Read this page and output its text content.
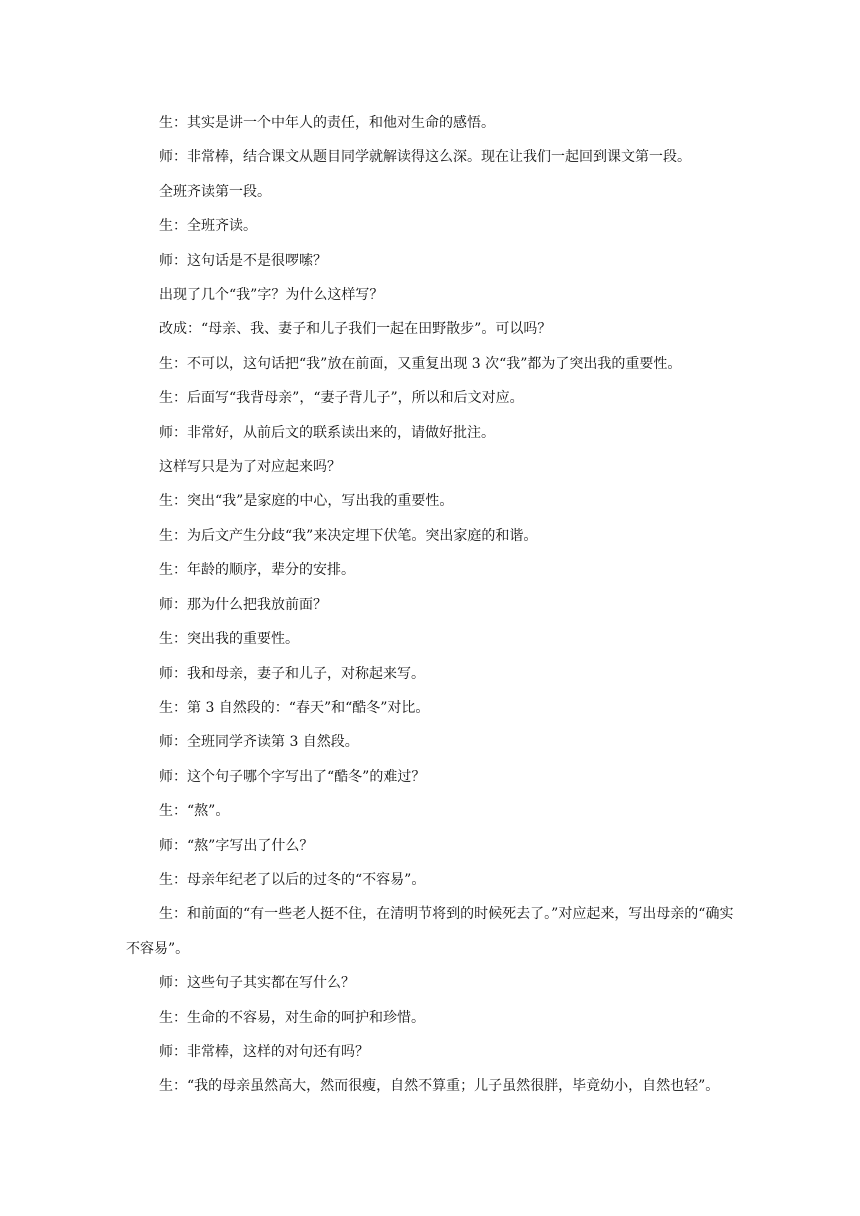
生：其实是讲一个中年人的责任，和他对生命的感悟。

师：非常棒，结合课文从题目同学就解读得这么深。现在让我们一起回到课文第一段。

全班齐读第一段。

生：全班齐读。

师：这句话是不是很啰嗦？

出现了几个“我”字？为什么这样写？

改成：“母亲、我、妻子和儿子我们一起在田野散步”。可以吗？

生：不可以，这句话把“我”放在前面，又重复出现 3 次“我”都为了突出我的重要性。

生：后面写“我背母亲”，“妻子背儿子”，所以和后文对应。

师：非常好，从前后文的联系读出来的，请做好批注。

这样写只是为了对应起来吗？

生：突出“我”是家庭的中心，写出我的重要性。

生：为后文产生分歧“我”来决定埋下伏笔。突出家庭的和谐。

生：年龄的顺序，辈分的安排。

师：那为什么把我放前面？

生：突出我的重要性。

师：我和母亲，妻子和儿子，对称起来写。

生：第 3 自然段的：“春天”和“酷冬”对比。

师：全班同学齐读第 3 自然段。

师：这个句子哪个字写出了“酷冬”的难过？

生：“熬”。

师：“熬”字写出了什么？

生：母亲年纪老了以后的过冬的“不容易”。

生：和前面的“有一些老人挺不住，在清明节将到的时候死去了。”对应起来，写出母亲的“确实不容易”。

师：这些句子其实都在写什么？

生：生命的不容易，对生命的呵护和珍惜。

师：非常棒，这样的对句还有吗？

生：“我的母亲虽然高大，然而很瘦，自然不算重；儿子虽然很胖，毕竟幼小，自然也轻”。
